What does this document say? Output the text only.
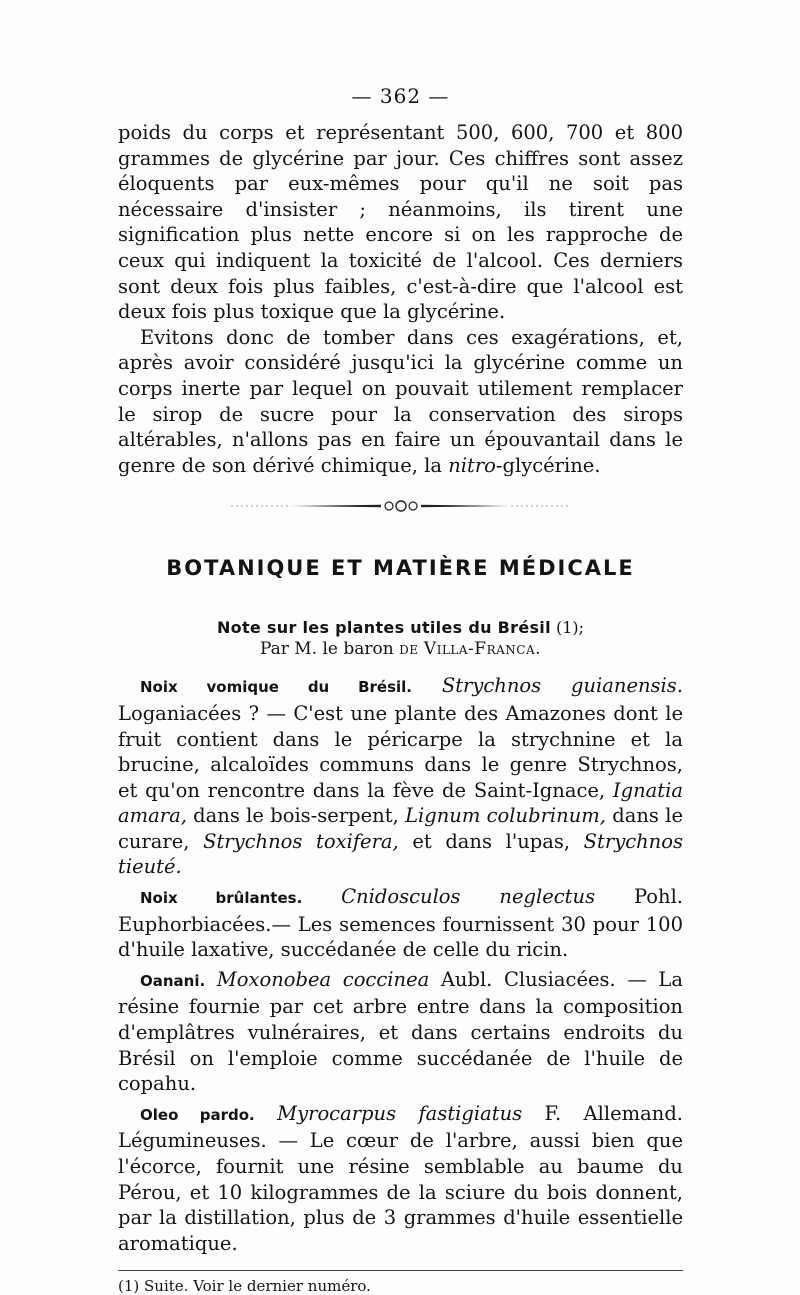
— 362 —

poids du corps et représentant 500, 600, 700 et 800 grammes de glycérine par jour. Ces chiffres sont assez éloquents par eux-mêmes pour qu'il ne soit pas nécessaire d'insister ; néanmoins, ils tirent une signification plus nette encore si on les rapproche de ceux qui indiquent la toxicité de l'alcool. Ces derniers sont deux fois plus faibles, c'est-à-dire que l'alcool est deux fois plus toxique que la glycérine.

Evitons donc de tomber dans ces exagérations, et, après avoir considéré jusqu'ici la glycérine comme un corps inerte par lequel on pouvait utilement remplacer le sirop de sucre pour la conservation des sirops altérables, n'allons pas en faire un épouvantail dans le genre de son dérivé chimique, la nitro-glycérine.

BOTANIQUE ET MATIÈRE MÉDICALE
Note sur les plantes utiles du Brésil (1);
Par M. le baron de Villa-Franca.

Noix vomique du Brésil. Strychnos guianensis. Loganiacées ? — C'est une plante des Amazones dont le fruit contient dans le péricarpe la strychnine et la brucine, alcaloïdes communs dans le genre Strychnos, et qu'on rencontre dans la fève de Saint-Ignace, Ignatia amara, dans le bois-serpent, Lignum colubrinum, dans le curare, Strychnos toxifera, et dans l'upas, Strychnos tieuté.

Noix brûlantes. Cnidosculos neglectus Pohl. Euphorbiacées.— Les semences fournissent 30 pour 100 d'huile laxative, succédanée de celle du ricin.

Oanani. Moxonobea coccinea Aubl. Clusiacées. — La résine fournie par cet arbre entre dans la composition d'emplâtres vulnéraires, et dans certains endroits du Brésil on l'emploie comme succédanée de l'huile de copahu.

Oleo pardo. Myrocarpus fastigiatus F. Allemand. Légumineuses. — Le cœur de l'arbre, aussi bien que l'écorce, fournit une résine semblable au baume du Pérou, et 10 kilogrammes de la sciure du bois donnent, par la distillation, plus de 3 grammes d'huile essentielle aromatique.

(1) Suite. Voir le dernier numéro.
